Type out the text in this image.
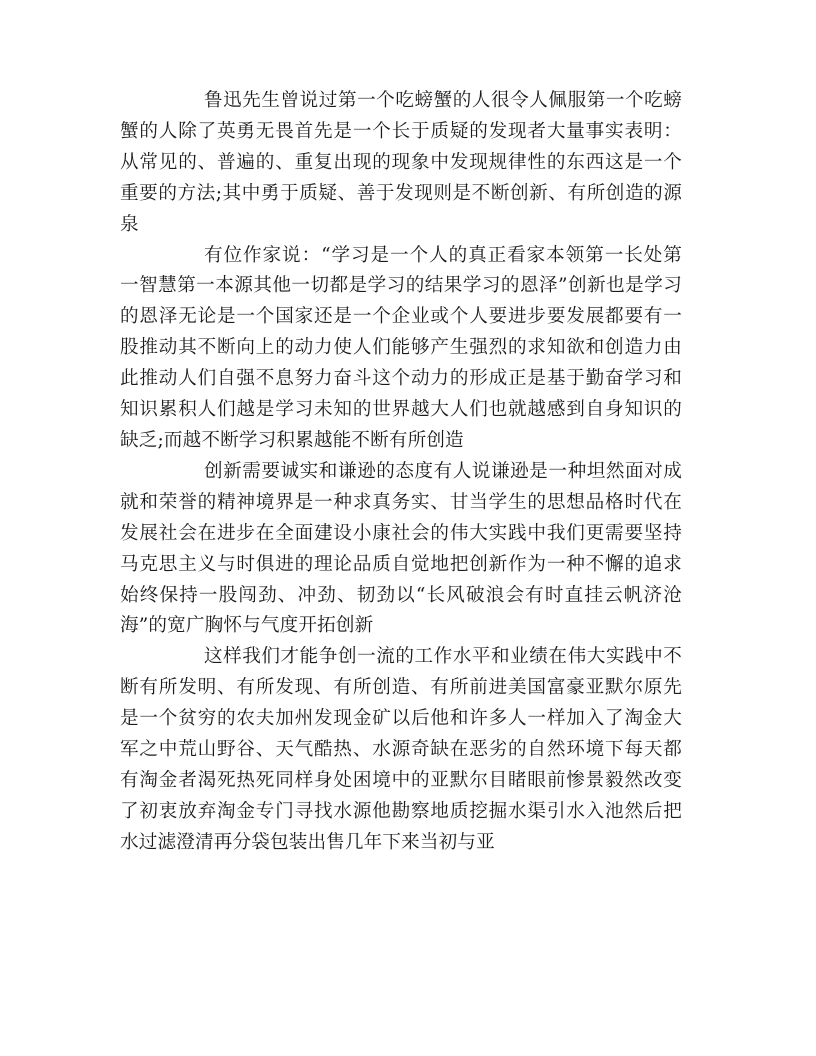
鲁迅先生曾说过第一个吃螃蟹的人很令人佩服第一个吃螃蟹的人除了英勇无畏首先是一个长于质疑的发现者大量事实表明：从常见的、普遍的、重复出现的现象中发现规律性的东西这是一个重要的方法;其中勇于质疑、善于发现则是不断创新、有所创造的源泉

有位作家说：“学习是一个人的真正看家本领第一长处第一智慧第一本源其他一切都是学习的结果学习的恩泽”创新也是学习的恩泽无论是一个国家还是一个企业或个人要进步要发展都要有一股推动其不断向上的动力使人们能够产生强烈的求知欲和创造力由此推动人们自强不息努力奋斗这个动力的形成正是基于勤奋学习和知识累积人们越是学习未知的世界越大人们也就越感到自身知识的缺乏;而越不断学习积累越能不断有所创造

创新需要诚实和谦逊的态度有人说谦逊是一种坦然面对成就和荣誉的精神境界是一种求真务实、甘当学生的思想品格时代在发展社会在进步在全面建设小康社会的伟大实践中我们更需要坚持马克思主义与时俱进的理论品质自觉地把创新作为一种不懈的追求始终保持一股闯劲、冲劲、韧劲以“长风破浪会有时直挂云帆济沧海”的宽广胸怀与气度开拓创新

这样我们才能争创一流的工作水平和业绩在伟大实践中不断有所发明、有所发现、有所创造、有所前进美国富豪亚默尔原先是一个贫穷的农夫加州发现金矿以后他和许多人一样加入了淘金大军之中荒山野谷、天气酷热、水源奇缺在恶劣的自然环境下每天都有淘金者渴死热死同样身处困境中的亚默尔目睹眼前惨景毅然改变了初衷放弃淘金专门寻找水源他勘察地质挖掘水渠引水入池然后把水过滤澄清再分袋包装出售几年下来当初与亚
